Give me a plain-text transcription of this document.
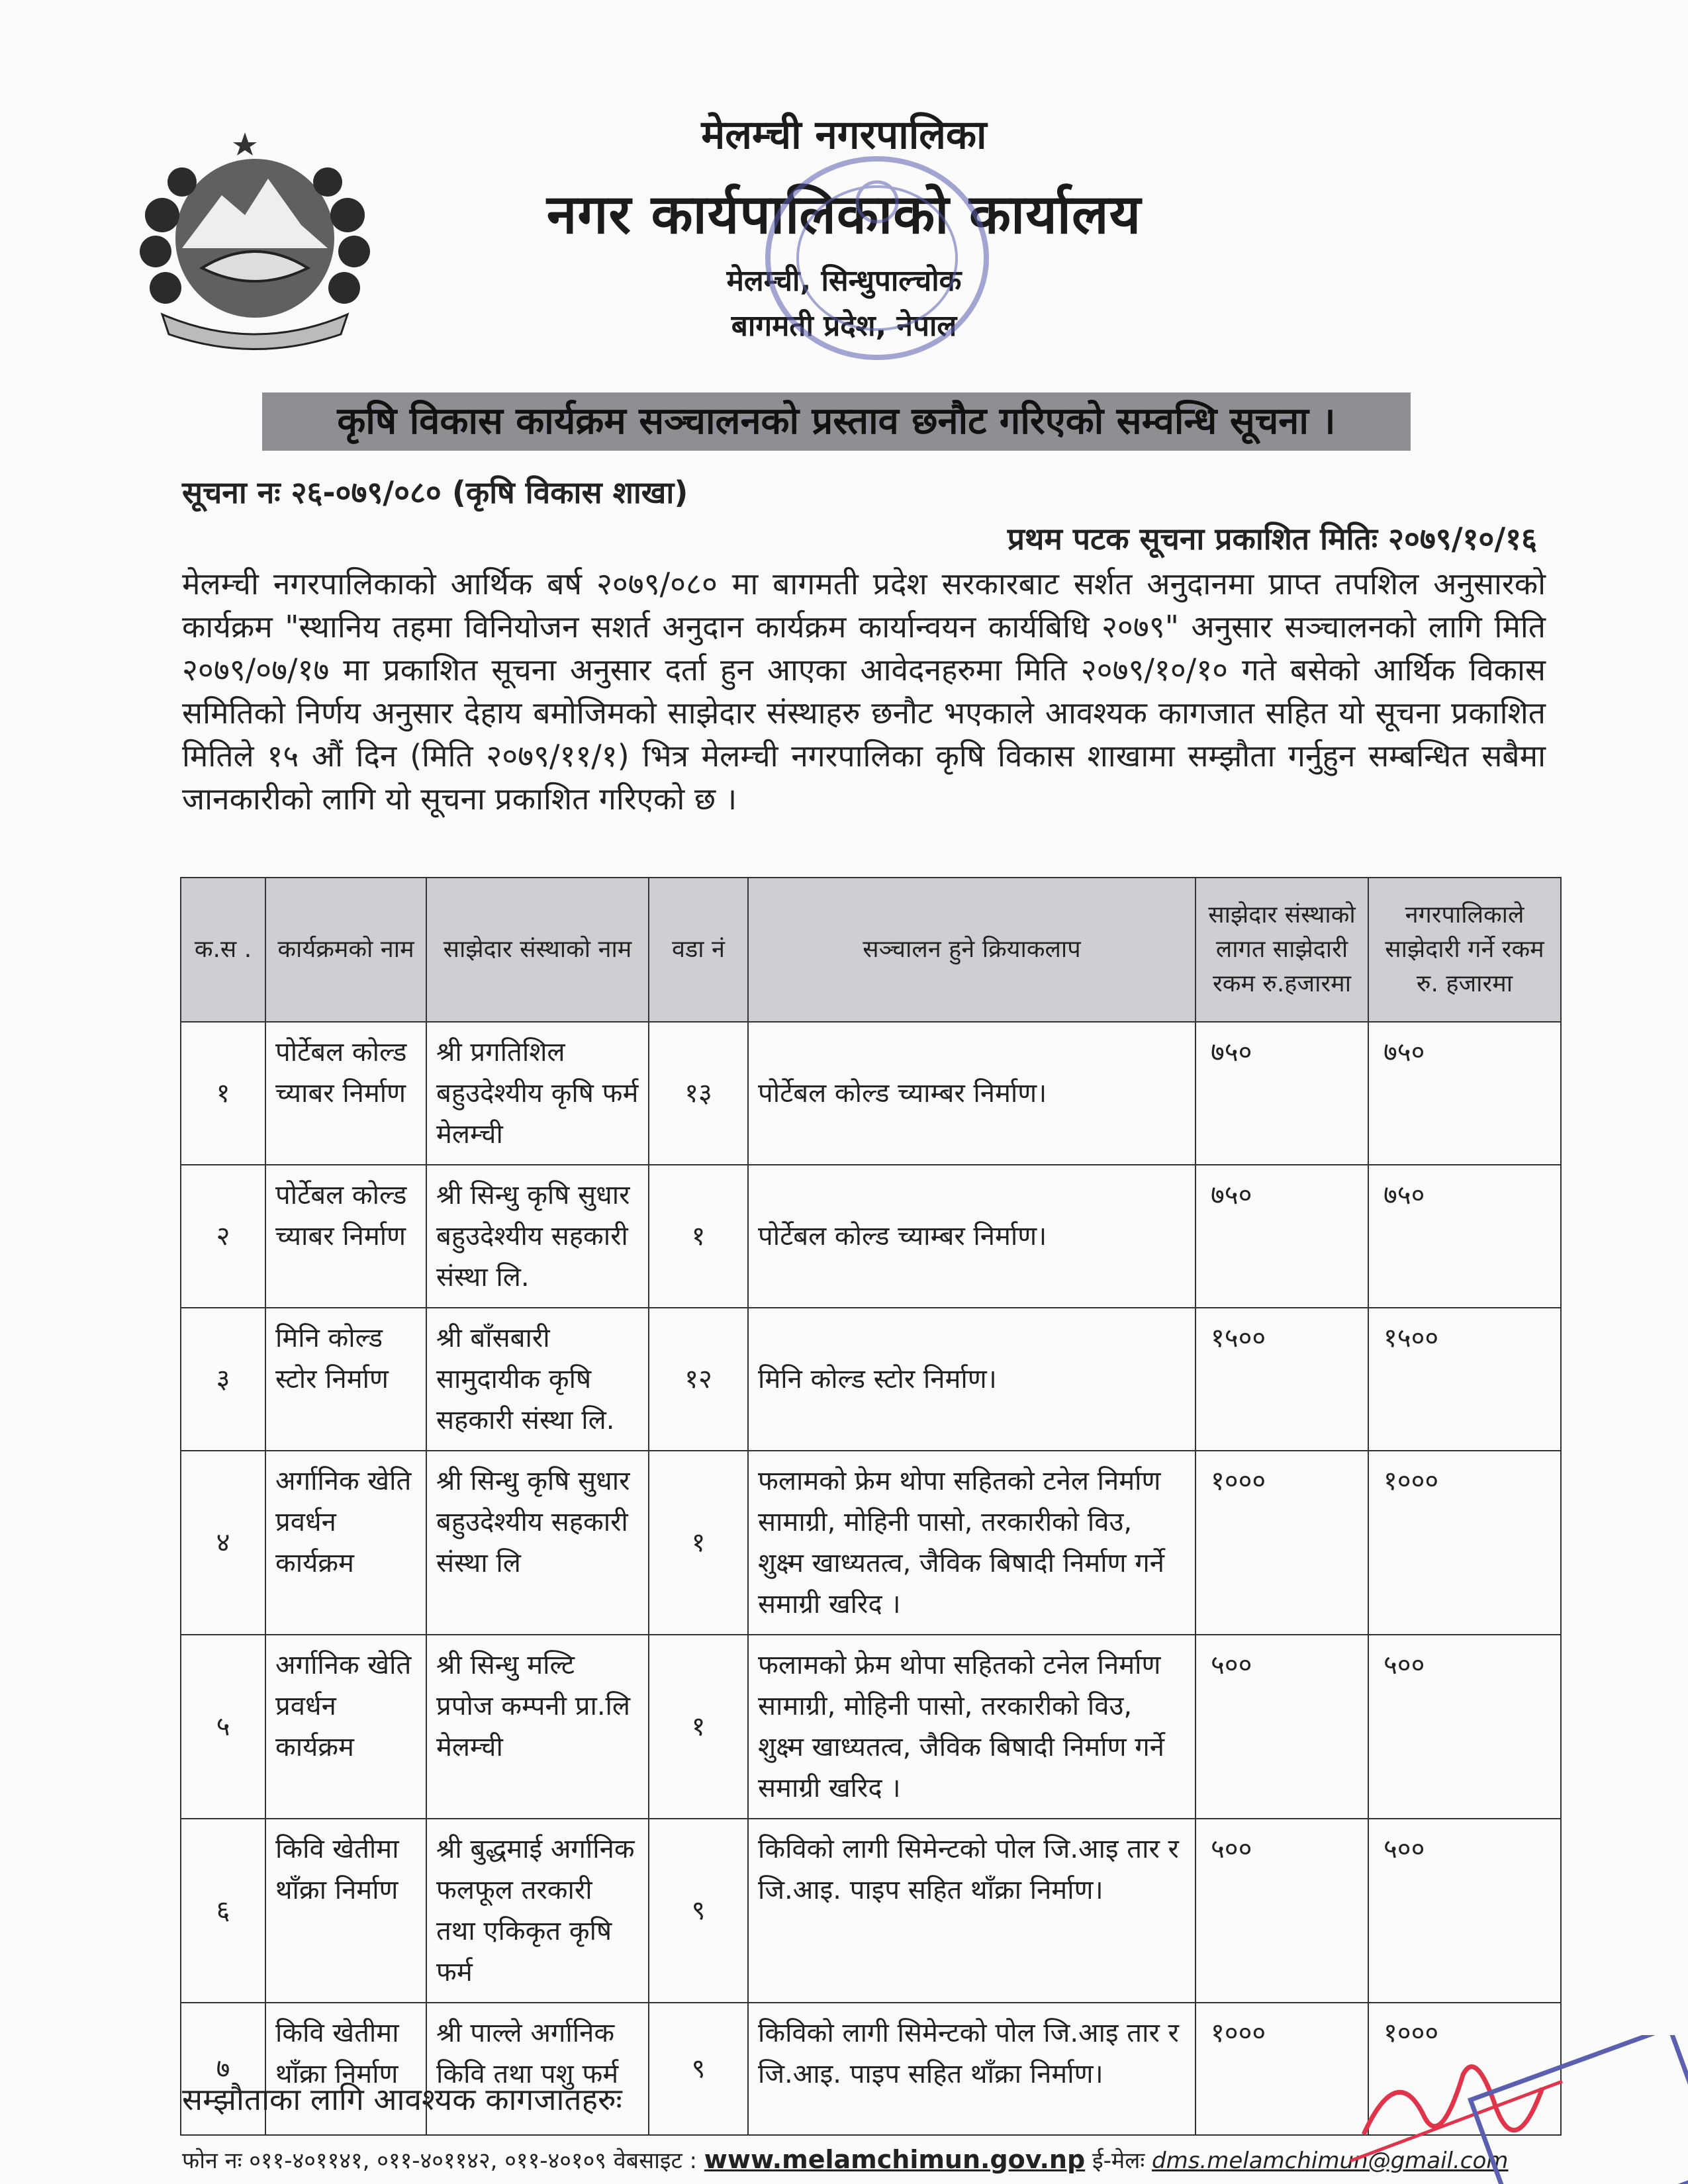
मेलम्ची नगरपालिका
नगर कार्यपालिकाको कार्यालय
मेलम्ची, सिन्धुपाल्चोक
बागमती प्रदेश, नेपाल
कृषि विकास कार्यक्रम सञ्चालनको प्रस्ताव छनौट गरिएको सम्वन्धि सूचना ।
सूचना नः २६-०७९/०८० (कृषि विकास शाखा)
प्रथम पटक सूचना प्रकाशित मितिः २०७९/१०/१६
मेलम्ची नगरपालिकाको आर्थिक बर्ष २०७९/०८० मा बागमती प्रदेश सरकारबाट सर्शत अनुदानमा प्राप्त तपशिल अनुसारको कार्यक्रम "स्थानिय तहमा विनियोजन सशर्त अनुदान कार्यक्रम कार्यान्वयन कार्यबिधि २०७९" अनुसार सञ्चालनको लागि मिति २०७९/०७/१७ मा प्रकाशित सूचना अनुसार दर्ता हुन आएका आवेदनहरुमा मिति २०७९/१०/१० गते बसेको आर्थिक विकास समितिको निर्णय अनुसार देहाय बमोजिमको साझेदार संस्थाहरु छनौट भएकाले आवश्यक कागजात सहित यो सूचना प्रकाशित मितिले १५ औं दिन (मिति २०७९/११/१) भित्र मेलम्ची नगरपालिका कृषि विकास शाखामा सम्झौता गर्नुहुन सम्बन्धित सबैमा जानकारीको लागि यो सूचना प्रकाशित गरिएको छ ।
क.स .	कार्यक्रमको नाम	साझेदार संस्थाको नाम	वडा नं	सञ्चालन हुने क्रियाकलाप	साझेदार संस्थाको लागत साझेदारी रकम रु.हजारमा	नगरपालिकाले साझेदारी गर्ने रकम रु. हजारमा
१	पोर्टेबल कोल्ड च्याबर निर्माण	श्री प्रगतिशिल बहुउदेश्यीय कृषि फर्म मेलम्ची	१३	पोर्टेबल कोल्ड च्याम्बर निर्माण।	७५०	७५०
२	पोर्टेबल कोल्ड च्याबर निर्माण	श्री सिन्धु कृषि सुधार बहुउदेश्यीय सहकारी संस्था लि.	१	पोर्टेबल कोल्ड च्याम्बर निर्माण।	७५०	७५०
३	मिनि कोल्ड स्टोर निर्माण	श्री बाँसबारी सामुदायीक कृषि सहकारी संस्था लि.	१२	मिनि कोल्ड स्टोर निर्माण।	१५००	१५००
४	अर्गानिक खेति प्रवर्धन कार्यक्रम	श्री सिन्धु कृषि सुधार बहुउदेश्यीय सहकारी संस्था लि	१	फलामको फ्रेम थोपा सहितको टनेल निर्माण सामाग्री, मोहिनी पासो, तरकारीको विउ, शुक्ष्म खाध्यतत्व, जैविक बिषादी निर्माण गर्ने समाग्री खरिद ।	१०००	१०००
५	अर्गानिक खेति प्रवर्धन कार्यक्रम	श्री सिन्धु मल्टि प्रपोज कम्पनी प्रा.लि मेलम्ची	१	फलामको फ्रेम थोपा सहितको टनेल निर्माण सामाग्री, मोहिनी पासो, तरकारीको विउ, शुक्ष्म खाध्यतत्व, जैविक बिषादी निर्माण गर्ने समाग्री खरिद ।	५००	५००
६	किवि खेतीमा थाँक्रा निर्माण	श्री बुद्धमाई अर्गानिक फलफूल तरकारी तथा एकिकृत कृषि फर्म	९	किविको लागी सिमेन्टको पोल जि.आइ तार र जि.आइ. पाइप सहित थाँक्रा निर्माण।	५००	५००
७	किवि खेतीमा थाँक्रा निर्माण	श्री पाल्ले अर्गानिक किवि तथा पशु फर्म	९	किविको लागी सिमेन्टको पोल जि.आइ तार र जि.आइ. पाइप सहित थाँक्रा निर्माण।	१०००	१०००
सम्झौताका लागि आवश्यक कागजातहरुः
फोन नः ०११-४०११४१, ०११-४०११४२, ०११-४०१०९ वेबसाइट : www.melamchimun.gov.np ई-मेलः dms.melamchimun@gmail.com
